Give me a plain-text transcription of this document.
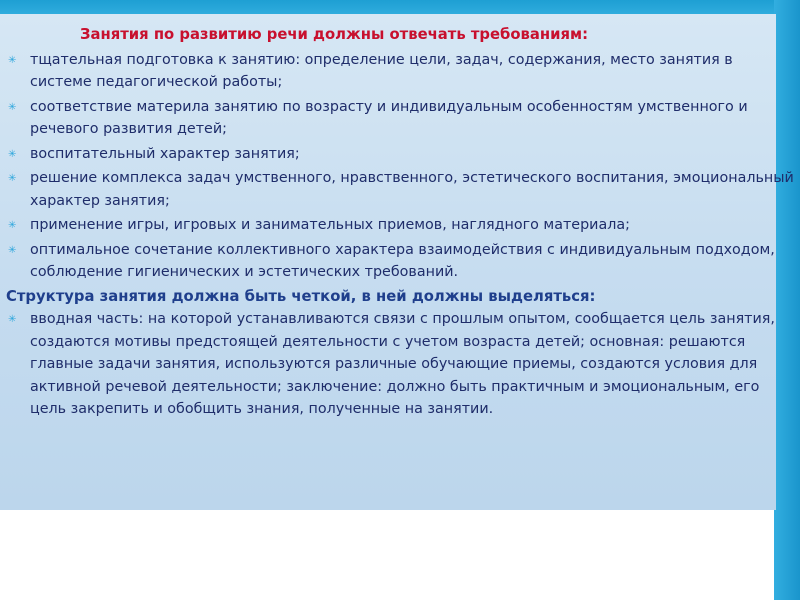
Занятия по развитию речи должны отвечать требованиям:

✳ тщательная подготовка к занятию: определение цели, задач, содержания, место занятия в системе педагогической работы;
✳ соответствие материла занятию по возрасту и индивидуальным особенностям умственного и речевого развития детей;
✳ воспитательный характер занятия;
✳ решение комплекса задач умственного, нравственного, эстетического воспитания, эмоциональный характер занятия;
✳ применение игры, игровых и занимательных приемов, наглядного материала;
✳ оптимальное сочетание коллективного характера взаимодействия с индивидуальным подходом, соблюдение гигиенических и эстетических требований.

Структура занятия должна быть четкой, в ней должны выделяться:

✳ вводная часть: на которой устанавливаются связи с прошлым опытом, сообщается цель занятия, создаются мотивы предстоящей деятельности с учетом возраста детей; основная: решаются главные задачи занятия, используются различные обучающие приемы, создаются условия для активной речевой деятельности; заключение: должно быть практичным и эмоциональным, его цель закрепить и обобщить знания, полученные на занятии.
